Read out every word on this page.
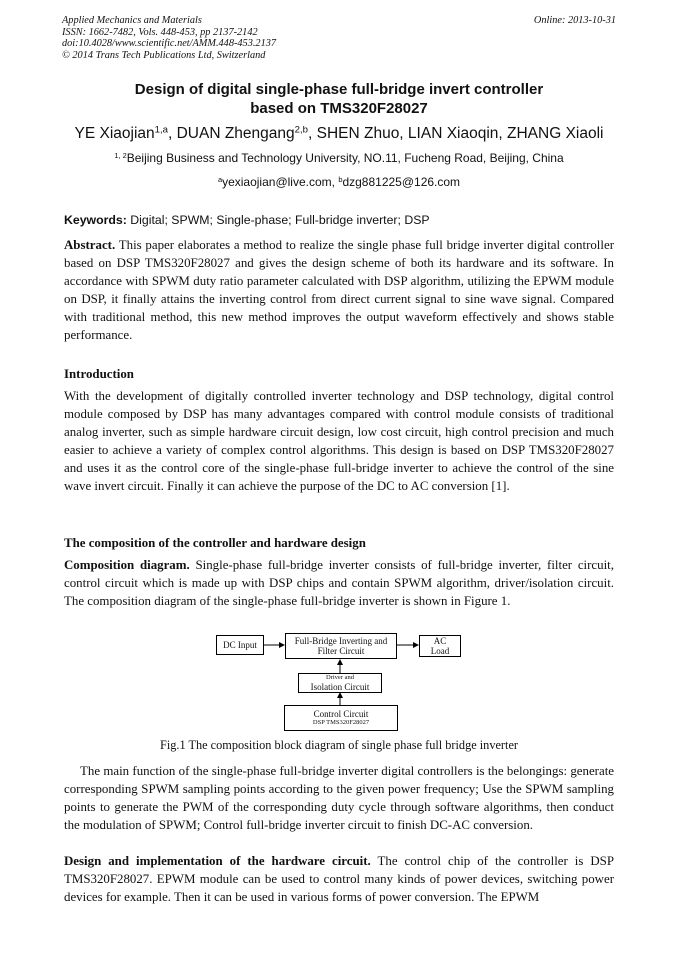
Applied Mechanics and Materials
ISSN: 1662-7482, Vols. 448-453, pp 2137-2142
doi:10.4028/www.scientific.net/AMM.448-453.2137
© 2014 Trans Tech Publications Ltd, Switzerland
Online: 2013-10-31
Design of digital single-phase full-bridge invert controller
based on TMS320F28027
YE Xiaojian$^{1,a}$, DUAN Zhengang$^{2,b}$, SHEN Zhuo, LIAN Xiaoqin, ZHANG Xiaoli
$^{1, 2}$Beijing Business and Technology University, NO.11, Fucheng Road, Beijing, China
$^a$yexiaojian@live.com, $^b$dzg881225@126.com
Keywords: Digital; SPWM; Single-phase; Full-bridge inverter; DSP

Abstract. This paper elaborates a method to realize the single phase full bridge inverter digital controller based on DSP TMS320F28027 and gives the design scheme of both its hardware and its software. In accordance with SPWM duty ratio parameter calculated with DSP algorithm, utilizing the EPWM module on DSP, it finally attains the inverting control from direct current signal to sine wave signal. Compared with traditional method, this new method improves the output waveform effectively and shows stable performance.

Introduction

With the development of digitally controlled inverter technology and DSP technology, digital control module composed by DSP has many advantages compared with control module consists of traditional analog inverter, such as simple hardware circuit design, low cost circuit, high control precision and much easier to achieve a variety of complex control algorithms. This design is based on DSP TMS320F28027 and uses it as the control core of the single-phase full-bridge inverter to achieve the control of the sine wave invert circuit. Finally it can achieve the purpose of the DC to AC conversion [1].

The composition of the controller and hardware design

Composition diagram. Single-phase full-bridge inverter consists of full-bridge inverter, filter circuit, control circuit which is made up with DSP chips and contain SPWM algorithm, driver/isolation circuit. The composition diagram of the single-phase full-bridge inverter is shown in Figure 1.

DC Input	Full-Bridge Inverting and
Filter Circuit
AC
Load
Driver and
Isolation Circuit
Control Circuit
DSP TMS320F28027
Fig.1 The composition block diagram of single phase full bridge inverter

The main function of the single-phase full-bridge inverter digital controllers is the belongings: generate corresponding SPWM sampling points according to the given power frequency; Use the SPWM sampling points to generate the PWM of the corresponding duty cycle through software algorithms, then conduct the modulation of SPWM; Control full-bridge inverter circuit to finish DC-AC conversion.

Design and implementation of the hardware circuit. The control chip of the controller is DSP TMS320F28027. EPWM module can be used to control many kinds of power devices, switching power devices for example. Then it can be used in various forms of power conversion. The EPWM
